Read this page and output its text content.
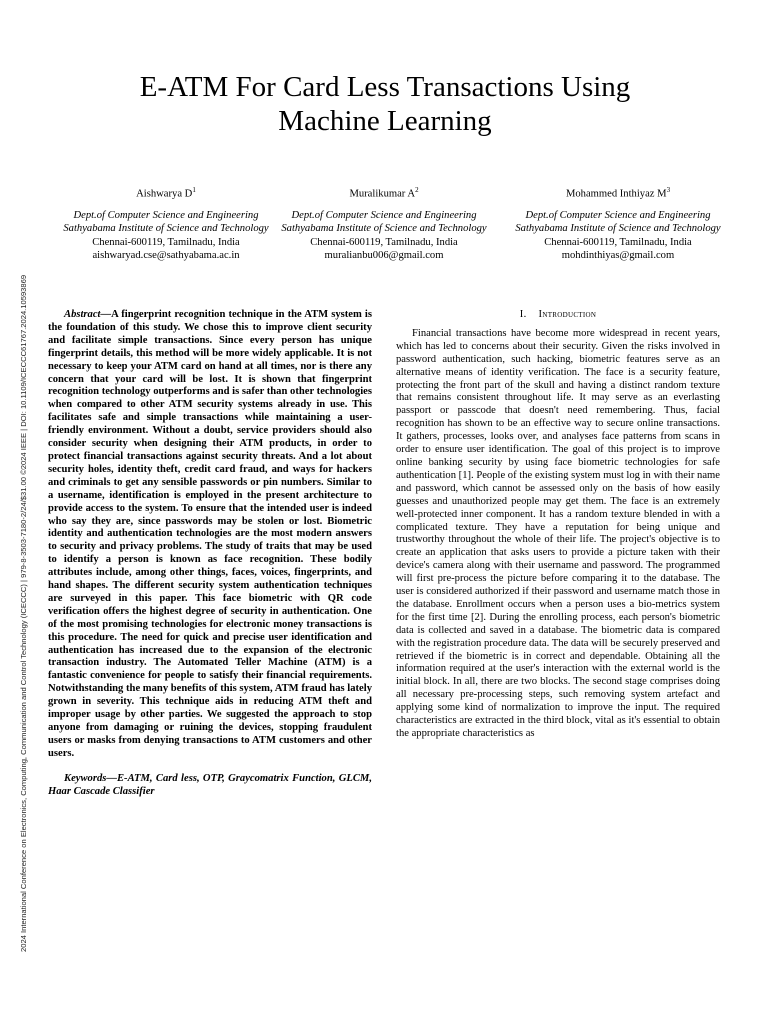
2024 International Conference on Electronics, Computing, Communication and Control Technology (ICECCC) | 979-8-3503-7180-2/24/$31.00 ©2024 IEEE | DOI: 10.1109/ICECCC61767.2024.10593869
E-ATM For Card Less Transactions Using
Machine Learning
Aishwarya $D^1$
Dept.of Computer Science and Engineering
Sathyabama Institute of Science and Technology
Chennai-600119, Tamilnadu, India
aishwaryad.cse@sathyabama.ac.in
Muralikumar $A^2$
Dept.of Computer Science and Engineering
Sathyabama Institute of Science and Technology
Chennai-600119, Tamilnadu, India
muralianbu006@gmail.com
Mohammed Inthiyaz $M^3$
Dept.of Computer Science and Engineering
Sathyabama Institute of Science and Technology
Chennai-600119, Tamilnadu, India
mohdinthiyas@gmail.com

Abstract—A fingerprint recognition technique in the ATM system is the foundation of this study. We chose this to improve client security and facilitate simple transactions. Since every person has unique fingerprint details, this method will be more widely applicable. It is not necessary to keep your ATM card on hand at all times, nor is there any concern that your card will be lost. It is shown that fingerprint recognition technology outperforms and is safer than other technologies when compared to other ATM security systems already in use. This facilitates safe and simple transactions while maintaining a user-friendly environment. Without a doubt, service providers should also consider security when designing their ATM products, in order to protect financial transactions against security threats. And a lot about security holes, identity theft, credit card fraud, and ways for hackers and criminals to get any sensible passwords or pin numbers. Similar to a username, identification is employed in the present architecture to provide access to the system. To ensure that the intended user is indeed who say they are, since passwords may be stolen or lost. Biometric identity and authentication technologies are the most modern answers to security and privacy problems. The study of traits that may be used to identify a person is known as face recognition. These bodily attributes include, among other things, faces, voices, fingerprints, and hand shapes. The different security system authentication techniques are surveyed in this paper. This face biometric with QR code verification offers the highest degree of security in authentication. One of the most promising technologies for electronic money transactions is this procedure. The need for quick and precise user identification and authentication has increased due to the expansion of the electronic transaction industry. The Automated Teller Machine (ATM) is a fantastic convenience for people to satisfy their financial requirements. Notwithstanding the many benefits of this system, ATM fraud has lately grown in severity. This technique aids in reducing ATM theft and improper usage by other parties. We suggested the approach to stop anyone from damaging or ruining the devices, stopping fraudulent users or masks from denying transactions to ATM customers and other users.

Keywords—E-ATM, Card less, OTP, Graycomatrix Function, GLCM, Haar Cascade Classifier

I. Introduction

Financial transactions have become more widespread in recent years, which has led to concerns about their security. Given the risks involved in password authentication, such hacking, biometric features serve as an alternative means of identity verification. The face is a security feature, protecting the front part of the skull and having a distinct random texture that remains consistent throughout life. It may serve as an everlasting passport or passcode that doesn't need remembering. Thus, facial recognition has shown to be an effective way to secure online transactions. It gathers, processes, looks over, and analyses face patterns from scans in order to ensure user identification. The goal of this project is to improve online banking security by using face biometric technologies for safe authentication [1]. People of the existing system must log in with their name and password, which cannot be assessed only on the basis of how easily guesses and unauthorized people may get them. The face is an extremely well-protected inner component. It has a random texture blended in with a complicated texture. They have a reputation for being unique and trustworthy throughout the whole of their life. The project's objective is to create an application that asks users to provide a picture taken with their device's camera along with their username and password. The programmed will first pre-process the picture before comparing it to the database. The user is considered authorized if their password and username match those in the database. Enrollment occurs when a person uses a bio-metrics system for the first time [2]. During the enrolling process, each person's biometric data is collected and saved in a database. The biometric data is compared with the registration procedure data. The data will be securely preserved and retrieved if the biometric is in correct and dependable. Obtaining all the information required at the user's interaction with the external world is the initial block. In all, there are two blocks. The second stage comprises doing all necessary pre-processing steps, such removing system artefact and applying some kind of normalization to improve the input. The required characteristics are extracted in the third block, vital as it's essential to obtain the appropriate characteristics as
